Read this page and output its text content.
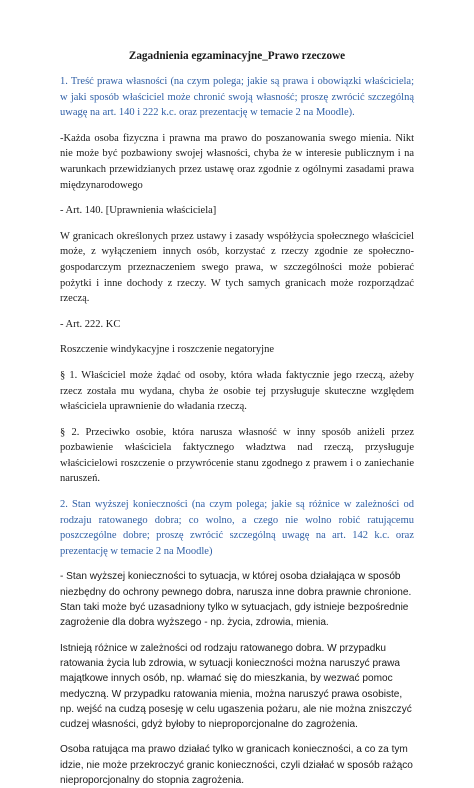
Zagadnienia egzaminacyjne_Prawo rzeczowe

1. Treść prawa własności (na czym polega; jakie są prawa i obowiązki właściciela; w jaki sposób właściciel może chronić swoją własność; proszę zwrócić szczególną uwagę na art. 140 i 222 k.c. oraz prezentację w temacie 2 na Moodle).

-Każda osoba fizyczna i prawna ma prawo do poszanowania swego mienia. Nikt nie może być pozbawiony swojej własności, chyba że w interesie publicznym i na warunkach przewidzianych przez ustawę oraz zgodnie z ogólnymi zasadami prawa międzynarodowego

- Art. 140. [Uprawnienia właściciela]

W granicach określonych przez ustawy i zasady współżycia społecznego właściciel może, z wyłączeniem innych osób, korzystać z rzeczy zgodnie ze społeczno-gospodarczym przeznaczeniem swego prawa, w szczególności może pobierać pożytki i inne dochody z rzeczy. W tych samych granicach może rozporządzać rzeczą.

- Art. 222. KC

Roszczenie windykacyjne i roszczenie negatoryjne

§ 1. Właściciel może żądać od osoby, która włada faktycznie jego rzeczą, ażeby rzecz została mu wydana, chyba że osobie tej przysługuje skuteczne względem właściciela uprawnienie do władania rzeczą.

§ 2. Przeciwko osobie, która narusza własność w inny sposób aniżeli przez pozbawienie właściciela faktycznego władztwa nad rzeczą, przysługuje właścicielowi roszczenie o przywrócenie stanu zgodnego z prawem i o zaniechanie naruszeń.

2. Stan wyższej konieczności (na czym polega; jakie są różnice w zależności od rodzaju ratowanego dobra; co wolno, a czego nie wolno robić ratującemu poszczególne dobre; proszę zwrócić szczególną uwagę na art. 142 k.c. oraz prezentację w temacie 2 na Moodle)

- Stan wyższej konieczności to sytuacja, w której osoba działająca w sposób niezbędny do ochrony pewnego dobra, narusza inne dobra prawnie chronione. Stan taki może być uzasadniony tylko w sytuacjach, gdy istnieje bezpośrednie zagrożenie dla dobra wyższego - np. życia, zdrowia, mienia.

Istnieją różnice w zależności od rodzaju ratowanego dobra. W przypadku ratowania życia lub zdrowia, w sytuacji konieczności można naruszyć prawa majątkowe innych osób, np. włamać się do mieszkania, by wezwać pomoc medyczną. W przypadku ratowania mienia, można naruszyć prawa osobiste, np. wejść na cudzą posesję w celu ugaszenia pożaru, ale nie można zniszczyć cudzej własności, gdyż byłoby to nieproporcjonalne do zagrożenia.

Osoba ratująca ma prawo działać tylko w granicach konieczności, a co za tym idzie, nie może przekroczyć granic konieczności, czyli działać w sposób rażąco nieproporcjonalny do stopnia zagrożenia.
